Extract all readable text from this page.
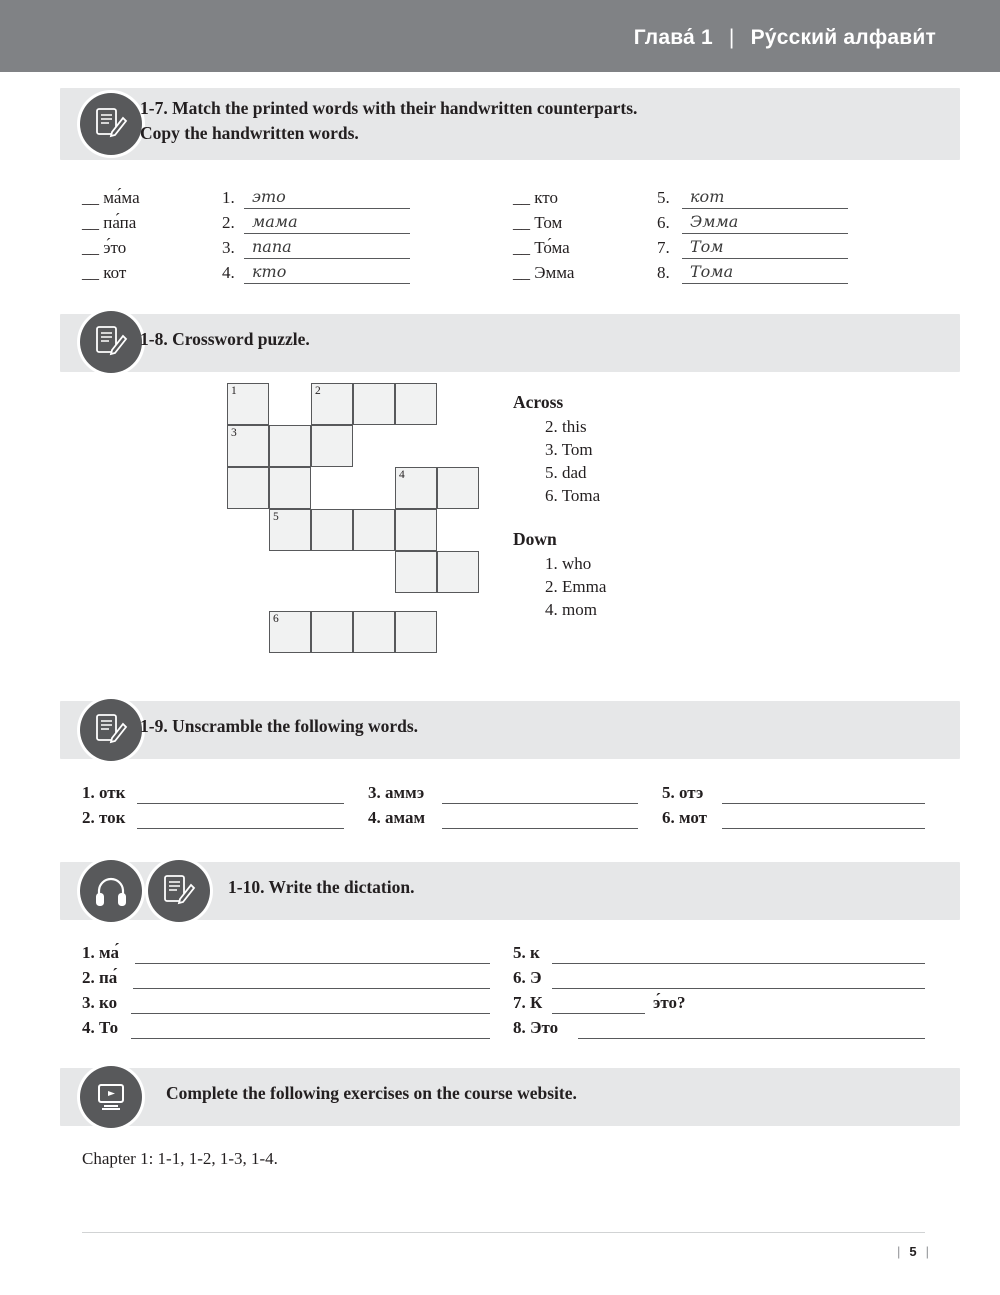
Глава́ 1 | Ру́сский алфави́т
1-7. Match the printed words with their handwritten counterparts.
Copy the handwritten words.
__ ма́ма
__ па́па
__ э́то
__ кот
1. это
2. мама
3. папа
4. кто
__ кто
__ Том
__ То́ма
__ Эмма
5. кот
6. Эмма
7. Том
8. Тома
1-8. Crossword puzzle.
1	2
3
4
5
6
Across
2. this
3. Tom
5. dad
6. Toma
Down
1. who
2. Emma
4. mom
1-9. Unscramble the following words.
1. отк
2. ток
3. аммэ
4. амам
5. отэ
6. мот
1-10. Write the dictation.
1. ма́
2. па́
3. ко
4. То
5. к
6. Э
7. К	э́то?
8. Это
Complete the following exercises on the course website.
Chapter 1: 1-1, 1-2, 1-3, 1-4.
| 5 |
